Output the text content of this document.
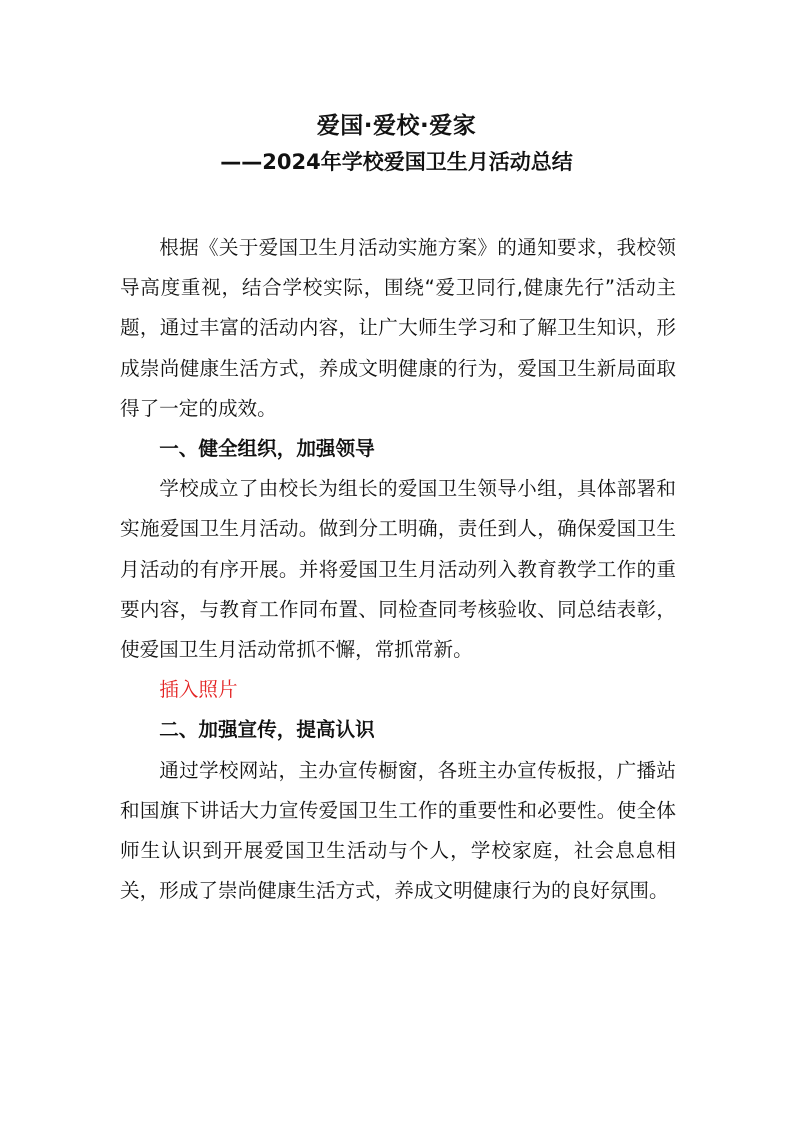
爱国·爱校·爱家
——2024年学校爱国卫生月活动总结

根据《关于爱国卫生月活动实施方案》的通知要求，我校领导高度重视，结合学校实际，围绕“爱卫同行,健康先行”活动主题，通过丰富的活动内容，让广大师生学习和了解卫生知识，形成崇尚健康生活方式，养成文明健康的行为，爱国卫生新局面取得了一定的成效。

一、健全组织，加强领导

学校成立了由校长为组长的爱国卫生领导小组，具体部署和实施爱国卫生月活动。做到分工明确，责任到人，确保爱国卫生月活动的有序开展。并将爱国卫生月活动列入教育教学工作的重要内容，与教育工作同布置、同检查同考核验收、同总结表彰，使爱国卫生月活动常抓不懈，常抓常新。

插入照片

二、加强宣传，提高认识

通过学校网站，主办宣传橱窗，各班主办宣传板报，广播站和国旗下讲话大力宣传爱国卫生工作的重要性和必要性。使全体师生认识到开展爱国卫生活动与个人，学校家庭，社会息息相关，形成了崇尚健康生活方式，养成文明健康行为的良好氛围。
